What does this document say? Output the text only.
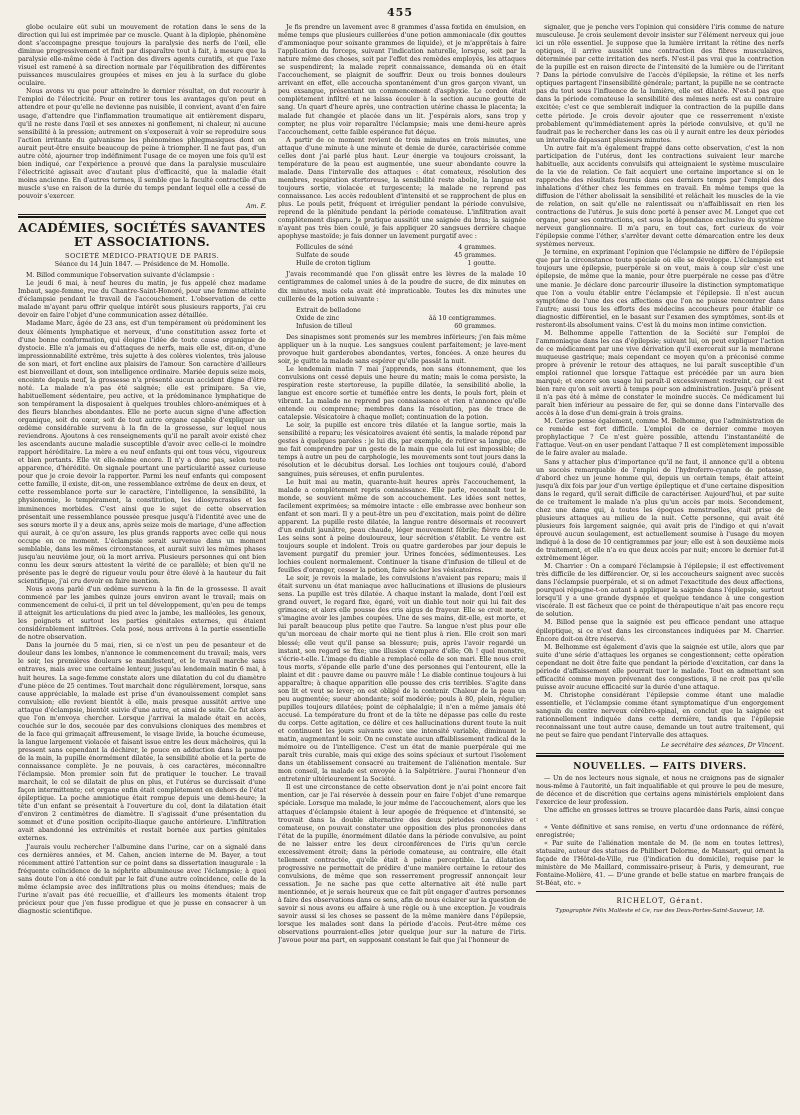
455

globe oculaire eût subi un mouvement de rotation dans le sens de la direction qui lui est imprimée par ce muscle. Quant à la diplopie, phénomène dont s'accompagne presque toujours la paralysie des nerfs de l'œil, elle diminue progressivement et finit par disparaître tout à fait, à mesure que la paralysie elle-même cède à l'action des divers agents curatifs, et que l'axe visuel est ramené à sa direction normale par l'équilibration des différentes puissances musculaires groupées et mises en jeu à la surface du globe oculaire.

Nous avons vu que pour atteindre le dernier résultat, on dut recourir à l'emploi de l'électricité. Pour en retirer tous les avantages qu'on peut en attendre et pour qu'elle ne devienne pas nuisible, il convient, avant d'en faire usage, d'attendre que l'inflammation traumatique ait entièrement disparu, qu'il ne reste dans l'œil et ses annexes ni gonflement, ni chaleur, ni aucune sensibilité à la pression; autrement on s'exposerait à voir se reproduire sous l'action irritante du galvanisme les phénomènes phlegmasiques dont on aurait peut-être ensuite beaucoup de peine à triompher. Il ne faut pas, d'un autre côté, ajourner trop indéfiniment l'usage de ce moyen une fois qu'il est bien indiqué, car l'expérience a prouvé que dans la paralysie musculaire l'électricité agissait avec d'autant plus d'efficacité, que la maladie était moins ancienne. En d'autres termes, il semble que la faculté contractile d'un muscle s'use en raison de la durée du temps pendant lequel elle a cessé de pouvoir s'exercer.

Am. F.
ACADÉMIES, SOCIÉTÉS SAVANTES ET ASSOCIATIONS.
SOCIÉTÉ MÉDICO-PRATIQUE DE PARIS.
Séance du 14 Juin 1847. — Présidence de M. Homolle.

M. Billod communique l'observation suivante d'éclampsie :

Le jeudi 6 mai, à neuf heures du matin, je fus appelé chez madame Imbaut, sage-femme, rue du Chantre-Saint-Honoré, pour une femme atteinte d'éclampsie pendant le travail de l'accouchement. L'observation de cette malade m'ayant paru offrir quelque intérêt sous plusieurs rapports, j'ai cru devoir en faire l'objet d'une communication assez détaillée.

Madame Marc, âgée de 23 ans, est d'un tempérament où prédominent les deux éléments lymphatique et nerveux, d'une constitution assez forte et d'une bonne conformation, qui éloigne l'idée de toute cause organique de dystocie. Elle n'a jamais eu d'attaques de nerfs, mais elle est, dit-on, d'une impressionnabilité extrême, très sujette à des colères violentes, très jalouse de son mari, et fort encline aux plaisirs de l'amour. Son caractère d'ailleurs est bienveillant et doux, son intelligence ordinaire. Mariée depuis seize mois, enceinte depuis neuf, la grossesse n'a présenté aucun accident digne d'être noté. La malade n'a pas été saignée; elle est primipare. Sa vie, habituellement sédentaire, peu active, et la prédominance lymphatique de son tempérament la disposaient à quelques troubles chloro-anémiques et à des fleurs blanches abondantes. Elle ne porte aucun signe d'une affection organique, soit du cœur, soit de tout autre organe capable d'expliquer un œdème considérable survenu à la fin de la grossesse, sur lequel nous reviendrons. Ajoutons à ces renseignements qu'il ne paraît avoir existé chez les ascendants aucune maladie susceptible d'avoir avec celle-ci le moindre rapport héréditaire. La mère a eu neuf enfants qui ont tous vécu, vigoureux et bien portants. Elle vit elle-même encore. Il n'y a donc pas, selon toute apparence, d'hérédité. On signale pourtant une particularité assez curieuse pour que je croie devoir la rapporter. Parmi les neuf enfants qui composent cette famille, il existe, dit-on, une ressemblance extrême de deux en deux, et cette ressemblance porte sur le caractère, l'intelligence, la sensibilité, la physionomie, le tempérament, la constitution, les idiosyncrasies et les imminences morbides. C'est ainsi que le sujet de cette observation présentait une ressemblance poussée presque jusqu'à l'identité avec une de ses sœurs morte il y a deux ans, après seize mois de mariage, d'une affection qui aurait, à ce qu'on assure, les plus grands rapports avec celle qui nous occupe en ce moment. L'éclampsie serait survenue dans un moment semblable, dans les mêmes circonstances, et aurait suivi les mêmes phases jusqu'au neuvième jour, où la mort arriva. Plusieurs personnes qui ont bien connu les deux sœurs attestent la vérité de ce parallèle; et bien qu'il ne présente pas le degré de rigueur voulu pour être élevé à la hauteur du fait scientifique, j'ai cru devoir en faire mention.

Nous avons parlé d'un œdème survenu à la fin de la grossesse. Il avait commencé par les jambes quinze jours environ avant le travail; mais on commencement de celui-ci, il prit un tel développement, qu'en peu de temps il atteignit les articulations du pied avec la jambe, les malléoles, les genoux, les poignets et surtout les parties génitales externes, qui étaient considérablement infiltrées. Cela posé, nous arrivons à la partie essentielle de notre observation.

Dans la journée du 5 mai, rien, si ce n'est un peu de pesanteur et de douleur dans les lombes, n'annonce le commencement du travail; mais, vers le soir, les premières douleurs se manifestent, et le travail marche sans entraves, mais avec une certaine lenteur, jusqu'au lendemain matin 6 mai, à huit heures. La sage-femme constate alors une dilatation du col du diamètre d'une pièce de 25 centimes. Tout marchait donc régulièrement, lorsque, sans cause appréciable, la malade est prise d'un évanouissement complet sans convulsion; elle revient bientôt à elle, mais presque aussitôt arrive une attaque d'éclampsie, bientôt suivie d'une autre, et ainsi de suite. Ce fut alors que l'on m'envoya chercher. Lorsque j'arrivai la malade était en accès, couchée sur le dos, secouée par des convulsions cloniques des membres et de la face qui grimaçait affreusement, le visage livide, la bouche écumeuse, la langue largement violacée et faisant issue entre les deux mâchoires, qui la pressent sans cependant la déchirer, le pouce en adduction dans la paume de la main, la pupille énormément dilatée, la sensibilité abolie et la perte de connaissance complète. Je ne pouvais, à ces caractères, méconnaître l'éclampsie. Mon premier soin fut de pratiquer le toucher. Le travail marchait, le col se dilatait de plus en plus, et l'utérus se durcissait d'une façon intermittente; cet organe enfin était complètement en dehors de l'état épileptique. La poche amniotique était rompue depuis une demi-heure; la tête d'un enfant se présentait à l'ouverture du col, dont la dilatation était d'environ 2 centimètres de diamètre. Il s'agissait d'une présentation du sommet et d'une position occipito-iliaque gauche antérieure. L'infiltration avait abandonné les extrémités et restait bornée aux parties génitales externes.

J'aurais voulu rechercher l'albumine dans l'urine, car on a signalé dans ces dernières années, et M. Cahen, ancien interne de M. Bayer, a tout récemment attiré l'attention sur ce point dans sa dissertation inaugurale : la fréquente coïncidence de la néphrite albumineuse avec l'éclampsie; à quoi sans doute l'on a été conduit par le fait d'une autre coïncidence, celle de la même éclampsie avec des infiltrations plus ou moins étendues; mais de l'urine n'avait pas été recueillie, et d'ailleurs les moments étaient trop précieux pour que j'en fusse prodigue et que je pusse en consacrer à un diagnostic scientifique.

Je fis prendre un lavement avec 8 grammes d'assa fœtida en émulsion, en même temps que plusieurs cuillerées d'une potion ammoniacale (dix gouttes d'ammoniaque pour soixante grammes de liquide), et je m'apprêtais à faire l'application du forceps, suivant l'indication naturelle, lorsque, soit par la nature même des choses, soit par l'effet des remèdes employés, les attaques se suspendirent; la malade reprit connaissance, demanda où en était l'accouchement, se plaignit de souffrir. Deux ou trois bonnes douleurs arrivant en effet, elle accoucha spontanément d'un gros garçon vivant, un peu exsangue, présentant un commencement d'asphyxie. Le cordon était complètement infiltré et ne laissa écouler à la section aucune goutte de sang. Un quart d'heure après, une contraction utérine chassa le placenta; la malade fut changée et placée dans un lit. J'espérais alors, sans trop y compter, ne plus voir reparaître l'éclampsie; mais une demi-heure après l'accouchement, cette faible espérance fut déçue.

A partir de ce moment revient de trois minutes en trois minutes, une attaque d'une minute à une minute et demie de durée, caractérisée comme celles dont j'ai parlé plus haut. Leur énergie va toujours croissant, la température de la peau est augmentée, une sueur abondante couvre la malade. Dans l'intervalle des attaques : état comateux, résolution des membres, respiration stertoreuse, la sensibilité reste abolie, la langue est toujours sortie, violacée et turgescente; la malade ne reprend pas connaissance. Les accès redoublent d'intensité et se rapprochent de plus en plus. Le pouls petit, fréquent et irrégulier pendant la période convulsive, reprend de la plénitude pendant la période comateuse. L'infiltration avait complètement disparu. Je pratique aussitôt une saignée du bras; la saignée n'ayant pas très bien coulé, je fais appliquer 20 sangsues derrière chaque apophyse mastoïde; je fais donner un lavement purgatif avec :

Follicules de séné	4 grammes.
Sulfate de soude	45 grammes.
Huile de croton tiglium	1 goutte.

J'avais recommandé que l'on glissât entre les lèvres de la malade 10 centigrammes de calomel unies à de la poudre de sucre, de dix minutes en dix minutes, mais cela avait été impraticable. Toutes les dix minutes une cuillerée de la potion suivante :

Extrait de belladone
Oxide de zinc	ââ 10 centigrammes.
Infusion de tilleul	60 grammes.

Des sinapismes sont promenés sur les membres inférieurs; j'en fais même appliquer un à la nuque. Les sangsues coulent parfaitement; je lave-ment provoque huit garderobes abondantes, vertes, foncées. A onze heures du soir, je quitte la malade sans espérer qu'elle passât la nuit.

Le lendemain matin 7 mai j'apprends, non sans étonnement, que les convulsions ont cessé depuis une heure du matin; mais le coma persiste, la respiration reste stertoreuse, la pupille dilatée, la sensibilité abolie, la langue est encore sortie et tuméfiée entre les dents, le pouls fort, plein et vibrant. La malade ne reprend pas connaissance et rien n'annonce qu'elle entende ou comprenne; membres dans la résolution, pas de trace de catalepsie. Vésicatoire à chaque mollet; continuation de la potion.

Le soir, la pupille est encore très dilatée et la langue sortie, mais la sensibilité a reparu; les vésicatoires avaient été sentis, la malade répond par gestes à quelques paroles : je lui dis, par exemple, de retirer sa langue, elle me fait comprendre par un geste de la main que cela lui est impossible; de temps à autre un peu de carphologie, les mouvements sont tout jours dans la résolution et le décubitus dorsal. Les lochies ont toujours coulé, d'abord sanguines, puis séreuses, et enfin purulentes.

Le huit mai au matin, quarante-huit heures après l'accouchement, la malade a complètement repris connaissance. Elle parle, reconnaît tout le monde, se souvient même de son accouchement. Les idées sont nettes, facilement exprimées; sa mémoire intacte : elle embrasse avec bonheur son enfant et son mari. Il y a peut-être un peu d'excitation, mais point de délire apparent. La pupille reste dilatée, la langue rentre désormais et recouvert d'un enduit jaunâtre, peau chaude, léger mouvement fébrile; fièvre de lait. Les seins sont à peine douloureux, leur sécrétion s'établit. Le ventre est toujours souple et indolent. Trois ou quatre garderobes par jour depuis le lavement purgatif du premier jour. Urines foncées, sédimenteuses. Les lochies coulent normalement. Continuer la tisane d'infusion de tilleul et de feuilles d'oranger, cesser la potion, faire sécher les vésicatoires.

Le soir, je revois la malade, les convulsions n'avaient pas reparu; mais il était survenu un état maniaque avec hallucinations et illusions de plusieurs sens. La pupille est très dilatée. A chaque instant la malade, dont l'œil est grand ouvert, le regard fixe, égaré, voit un diable tout noir qui lui fait des grimaces; et alors elle pousse des cris aigus de frayeur. Elle se croit morte, s'imagine avoir les jambes coupées. Une de ses mains, dit-elle, est morte, et lui paraît beaucoup plus petite que l'autre. Sa langue n'est plus pour elle qu'un morceau de chair morte qui ne tient plus à rien. Elle croit son mari blessé; elle veut qu'il panse sa blessure; puis, après l'avoir regardé un instant, son regard se fixe; une illusion s'empare d'elle; Oh ! quel monstre, s'écrie-t-elle. L'image du diable a remplacé celle de son mari. Elle nous croit tous morts, s'épande elle parle d'une des personnes qui l'entourent, elle la plaint et dit : pauvre dame ou pauvre mâle ! Le diable continue toujours à lui apparaître; à chaque apparition elle pousse des cris terribles. S'agite dans son lit et veut se lever; on est obligé de la contenir. Chaleur de la peau un peu augmentée; sueur abondante; soif modérée; pouls à 80, plein, régulier; pupilles toujours dilatées; point de céphalalgie; il n'en a même jamais été accusé. La température du front et de la tête ne dépasse pas celle du reste du corps. Cette agitation, ce délire et ces hallucinations durent toute la nuit et continuent les jours suivants avec une intensité variable, diminuant le matin, augmentant le soir. On ne constate aucun affaiblissement radical de la mémoire ou de l'intelligence. C'est un état de manie puerpérale qui me paraît très curable, mais qui exige des soins spéciaux et surtout l'isolement dans un établissement consacré au traitement de l'aliénation mentale. Sur mon conseil, la malade est envoyée à la Salpêtrière. J'aurai l'honneur d'en entretenir ultérieurement la Société.

Il est une circonstance de cette observation dont je n'ai point encore fait mention, car je l'ai réservée à dessein pour en faire l'objet d'une remarque spéciale. Lorsque ma malade, le jour même de l'accouchement, alors que les attaques d'éclampsie étaient à leur apogée de fréquence et d'intensité, se trouvait dans la double alternative des deux périodes convulsive et comateuse, on pouvait constater une opposition des plus prononcées dans l'état de la pupille, énormément dilatée dans la période convulsive, au point de ne laisser entre les deux circonférences de l'iris qu'un cercle excessivement étroit; dans la période comateuse, au contraire, elle était tellement contractée, qu'elle était à peine perceptible. La dilatation progressive ne permettait de prédire d'une manière certaine le retour des convulsions, de même que son resserrement progressif annonçait leur cessation. Je ne sache pas que cette alternative ait été nulle part mentionnée, et je serais heureux que ce fait pût engager d'autres personnes à faire des observations dans ce sens, afin de nous éclairer sur la question de savoir si nous avons eu affaire à une règle ou à une exception. Je voudrais savoir aussi si les choses se passent de la même manière dans l'épilepsie, lorsque les malades sont dans la période d'accès. Peut-être même ces observations pourraient-elles jeter quelque jour sur la nature de l'iris. J'avoue pour ma part, en supposant constant le fait que j'ai l'honneur de

signaler, que je penche vers l'opinion qui considère l'iris comme de nature musculeuse. Je crois seulement devoir insister sur l'élément nerveux qui joue ici un rôle essentiel. Je suppose que la lumière irritant la rétine des nerfs optiques, il arrive aussitôt une contraction des fibres musculaires, déterminée par cette irritation des nerfs. N'est-il pas vrai que la contraction de la pupille est en raison directe de l'intensité de la lumière ou de l'irritant ? Dans la période convulsive de l'accès d'épilepsie, la rétine et les nerfs optiques partagent l'insensibilité générale; partant, la pupille ne se contracte pas du tout sous l'influence de la lumière, elle est dilatée. N'est-il pas que dans la période comateuse la sensibilité des mêmes nerfs est au contraire excitée; c'est ce que semblerait indiquer la contraction de la pupille dans cette période. Je crois devoir ajouter que ce resserrement n'existe probablement qu'immédiatement après la période convulsive, et qu'il ne faudrait pas le rechercher dans les cas où il y aurait entre les deux périodes un intervalle dépassant plusieurs minutes.

Un autre fait m'a également frappé dans cette observation, c'est la non participation de l'utérus, dont les contractions suivaient leur marche habituelle, aux accidents convulsifs qui atteignaient le système musculaire de la vie de relation. Ce fait acquiert une certaine importance si on le rapproche des résultats fournis dans ces derniers temps par l'emploi des inhalations d'éther chez les femmes en travail. En même temps que la diffusion de l'éther abolissait la sensibilité et relâchait les muscles de la vie de relation, on sait qu'elle ne ralentissait ou n'affaiblissait en rien les contractions de l'utérus. Je suis donc porté à penser avec M. Longet que cet organe, pour ses contractions, est sous la dépendance exclusive du système nerveux ganglionnaire. Il m'a paru, en tout cas, fort curieux de voir l'épilepsie comme l'éther, s'arrêter devant cette démarcation entre les deux systèmes nerveux.

Je termine, en exprimant l'opinion que l'éclampsie ne diffère de l'épilepsie que par la circonstance toute spéciale où elle se développe. L'éclampsie est toujours une épilepsie, puerpérale si on veut, mais à coup sûr c'est une épilepsie, de même que la manie, pour être puerpérale ne cesse pas d'être une manie. Je déclare donc parcourir illusoire la distinction symptomatique que l'on a voulu établir entre l'éclampsie et l'épilepsie. Il n'est aucun symptôme de l'une des ces affections que l'on ne puisse rencontrer dans l'autre; aussi tous les efforts des médecins accoucheurs pour établir ce diagnostic différentiel, en le basant sur l'examen des symptômes, sont-ils et resteront-ils absolument vains. C'est là du moins mon intime conviction.

M. Belhomme appelle l'attention de la Société sur l'emploi de l'ammoniaque dans les cas d'épilepsie; suivant lui, on peut expliquer l'action de ce médicament par une vive dérivation qu'il exercerait sur la membrane muqueuse gastrique; mais cependant ce moyen qu'on a préconisé comme propre à prévenir le retour des attaques, ne lui paraît susceptible d'un emploi rationnel que lorsque l'attaque est précédée par un aura bien marqué; et encore son usage lui paraît-il excessivement restreint, car il est bien rare qu'on soit averti à temps pour son administration. Jusqu'à présent il n'a pas été à même de constater le moindre succès. Ce médicament lui paraît bien inférieur au pessaire de fer, qui se donne dans l'intervalle des accès à la dose d'un demi-grain à trois grains.

M. Cerise pense également, comme M. Belhomme, que l'administration de ce remède est fort difficile. L'emploi de ce dernier comme moyen prophylactique ? Ce n'est guère possible, attendu l'instantanéité de l'attaque. Veut-on en user pendant l'attaque ? Il est complètement impossible de le faire avaler au malade.

Sans y attacher plus d'importance qu'il ne faut, il annonce qu'il a obtenu un succès remarquable de l'emploi de l'hydroferro-cyanate de potasse, d'abord chez un jeune homme qui, depuis un certain temps, était atteint jusqu'à dix fois par jour d'un vertige épileptique et d'une certaine disposition dans le regard, qu'il serait difficile de caractériser. Aujourd'hui, et par suite de ce traitement le malade n'a plus qu'un accès par mois. Secondement, chez une dame qui, à toutes les époques menstruelles, était prise de plusieurs attaques au milieu de la nuit. Cette personne, qui avait été plusieurs fois largement saignée, qui avait pris de l'indigo et qui n'avait éprouvé aucun soulagement, est actuellement soumise à l'usage du moyen indiqué à la dose de 10 centigrammes par jour; elle est à son deuxième mois de traitement, et elle n'a eu que deux accès par nuit; encore le dernier fut-il extrêmement léger.

M. Charrier : On a comparé l'éclampsie à l'épilepsie; il est effectivement très difficile de les différencier. Or, si les accoucheurs saignent avec succès dans l'éclampsie puerpérale, et si on admet l'exactitude des deux affections, pourquoi répugne-t-on autant à appliquer la saignée dans l'épilepsie, surtout lorsqu'il y a une grande dyspnée et quelque tendance à une congestion viscérale. Il est fâcheux que ce point de thérapeutique n'ait pas encore reçu de solution.

M. Billod pense que la saignée est peu efficace pendant une attaque épileptique, si ce n'est dans les circonstances indiquées par M. Charrier. Encore doit-on être réservé.

M. Belhomme est également d'avis que la saignée est utile, alors que par suite d'une série d'attaques les organes se congestionnent; cette opération cependant ne doit être faite que pendant la période d'excitation, car dans la période d'affaissement elle pourrait tuer le malade. Tout en admettant son efficacité comme moyen prévenant des congestions, il ne croit pas qu'elle puisse avoir aucune efficacité sur la durée d'une attaque.

M. Christophe considérant l'épilepsie comme étant une maladie essentielle, et l'éclampsie comme étant symptomatique d'un engorgement sanguin du centre nerveux cérébro-spinal, en conclut que la saignée est rationnellement indiquée dans cette dernière, tandis que l'épilepsie reconnaissant une tout autre cause, demande un tout autre traitement, qui ne peut se faire que pendant l'intervalle des attaques.

Le secrétaire des séances, Dr Vincent.
NOUVELLES. — FAITS DIVERS.

— Un de nos lecteurs nous signale, et nous ne craignons pas de signaler nous-même à l'autorité, un fait inqualifiable et qui prouve le peu de mesure, de décence et de discrétion que certains agens ministériels emploient dans l'exercice de leur profession.

Une affiche en grosses lettres se trouve placardée dans Paris, ainsi conçue :

« Vente définitive et sans remise, en vertu d'une ordonnance de référé, enregistrée;

« Par suite de l'aliénation mentale de M. (le nom en toutes lettres), statuaire, auteur des statues de Philibert Delorme, de Mansart, qui ornent la façade de l'Hôtel-de-Ville, rue (l'indication du domicile), requise par le ministère de Me Maillard, commissaire-priseur, à Paris, y demeurant, rue Fontaine-Molière, 41. — D'une grande et belle statue en marbre français de St-Béat, etc. »

RICHELOT, Gérant.
Typographie Félix Malteste et Ce, rue des Deux-Portes-Saint-Sauveur, 18.
